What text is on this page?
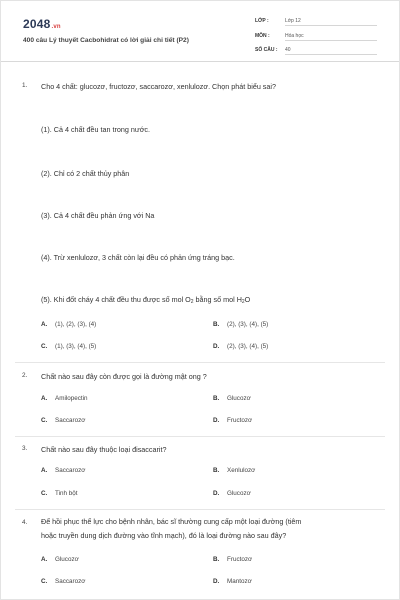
2048.vn
400 câu Lý thuyết Cacbohidrat có lời giải chi tiết (P2)
LỚP :	Lớp 12
MÔN :	Hóa học
SỐ CÂU : 40
1. Cho 4 chất: glucozơ, fructozơ, saccarozơ, xenlulozơ. Chọn phát biểu sai?
(1). Cả 4 chất đều tan trong nước.
(2). Chỉ có 2 chất thủy phân
(3). Cả 4 chất đều phản ứng với Na
(4). Trừ xenlulozơ, 3 chất còn lại đều có phản ứng tráng bạc.
(5). Khi đốt cháy 4 chất đều thu được số mol $O_2$ bằng số mol $H_2O$
A. (1), (2), (3), (4)	B. (2), (3), (4), (5)
C. (1), (3), (4), (5)	D. (2), (3), (4), (5)
2. Chất nào sau đây còn được gọi là đường mật ong ?
A. Amilopectin	B. Glucozơ
C. Saccarozơ	D. Fructozơ
3. Chất nào sau đây thuộc loại đisaccarit?
A. Saccarozơ	B. Xenlulozơ
C. Tinh bột	D. Glucozơ
4. Để hồi phục thể lực cho bệnh nhân, bác sĩ thường cung cấp một loại đường (tiêm
hoặc truyền dung dịch đường vào tĩnh mạch), đó là loại đường nào sau đây?
A. Glucozơ	B. Fructozơ
C. Saccarozơ	D. Mantozơ
